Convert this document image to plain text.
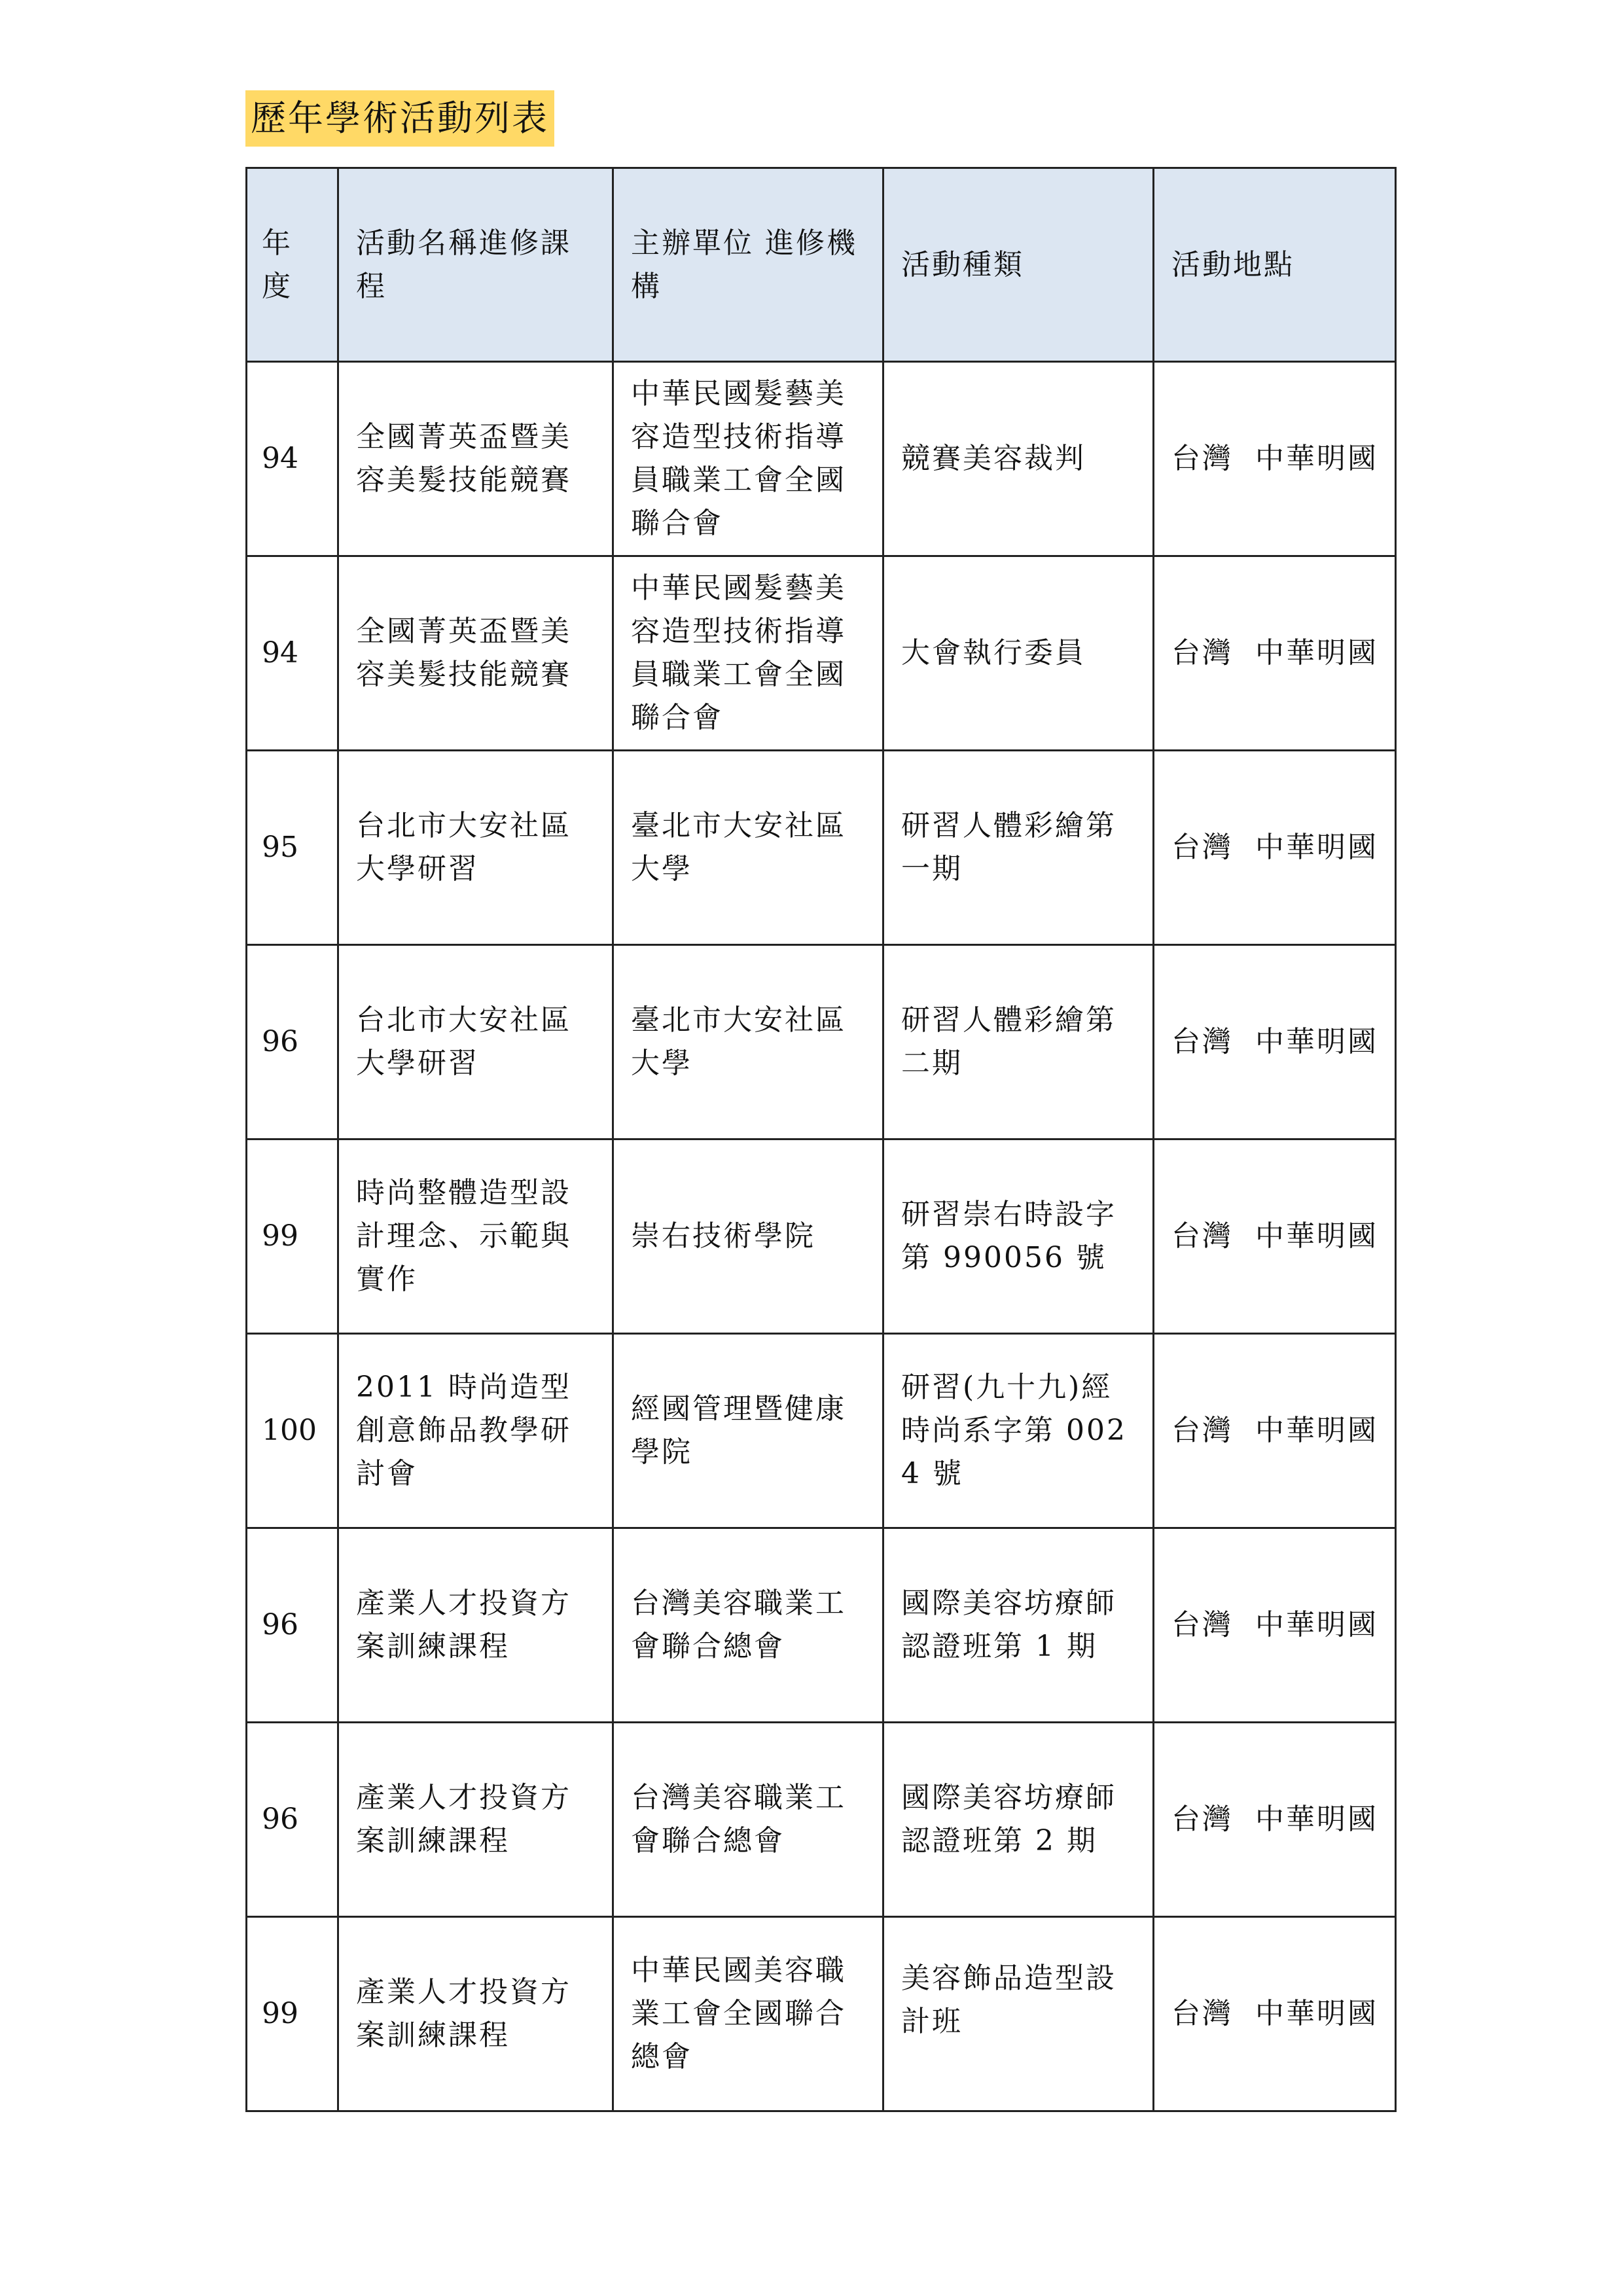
歷年學術活動列表
年度	活動名稱進修課程	主辦單位 進修機構	活動種類	活動地點
94	全國菁英盃暨美容美髮技能競賽	中華民國髮藝美容造型技術指導員職業工會全國聯合會	競賽美容裁判	台灣  中華明國
94	全國菁英盃暨美容美髮技能競賽	中華民國髮藝美容造型技術指導員職業工會全國聯合會	大會執行委員	台灣  中華明國
95	台北市大安社區大學研習	臺北市大安社區大學	研習人體彩繪第一期	台灣  中華明國
96	台北市大安社區大學研習	臺北市大安社區大學	研習人體彩繪第二期	台灣  中華明國
99	時尚整體造型設計理念、示範與實作	崇右技術學院	研習崇右時設字第 990056 號	台灣  中華明國
100	2011 時尚造型創意飾品教學研討會	經國管理暨健康學院	研習(九十九)經時尚系字第 0024 號	台灣  中華明國
96	產業人才投資方案訓練課程	台灣美容職業工會聯合總會	國際美容坊療師認證班第 1 期	台灣  中華明國
96	產業人才投資方案訓練課程	台灣美容職業工會聯合總會	國際美容坊療師認證班第 2 期	台灣  中華明國
99	產業人才投資方案訓練課程	中華民國美容職業工會全國聯合總會	美容飾品造型設計班	台灣  中華明國
